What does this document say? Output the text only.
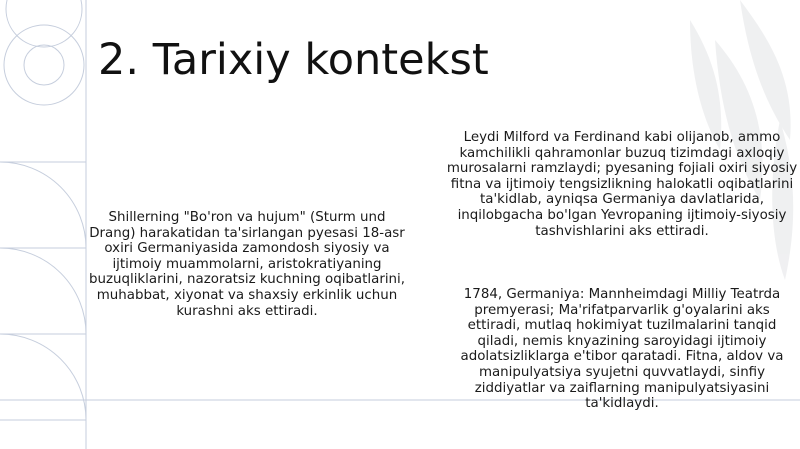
2. Tarixiy kontekst
Shillerning "Bo'ron va hujum" (Sturm und Drang) harakatidan ta'sirlangan pyesasi 18-asr oxiri Germaniyasida zamondosh siyosiy va ijtimoiy muammolarni, aristokratiyaning buzuqliklarini, nazoratsiz kuchning oqibatlarini, muhabbat, xiyonat va shaxsiy erkinlik uchun kurashni aks ettiradi.
Leydi Milford va Ferdinand kabi olijanob, ammo kamchilikli qahramonlar buzuq tizimdagi axloqiy murosalarni ramzlaydi; pyesaning fojiali oxiri siyosiy fitna va ijtimoiy tengsizlikning halokatli oqibatlarini ta'kidlab, ayniqsa Germaniya davlatlarida, inqilobgacha bo'lgan Yevropaning ijtimoiy-siyosiy tashvishlarini aks ettiradi.
1784, Germaniya: Mannheimdagi Milliy Teatrda premyerasi; Ma'rifatparvarlik g'oyalarini aks ettiradi, mutlaq hokimiyat tuzilmalarini tanqid qiladi, nemis knyazining saroyidagi ijtimoiy adolatsizliklarga e'tibor qaratadi. Fitna, aldov va manipulyatsiya syujetni quvvatlaydi, sinfiy ziddiyatlar va zaiflarning manipulyatsiyasini ta'kidlaydi.
